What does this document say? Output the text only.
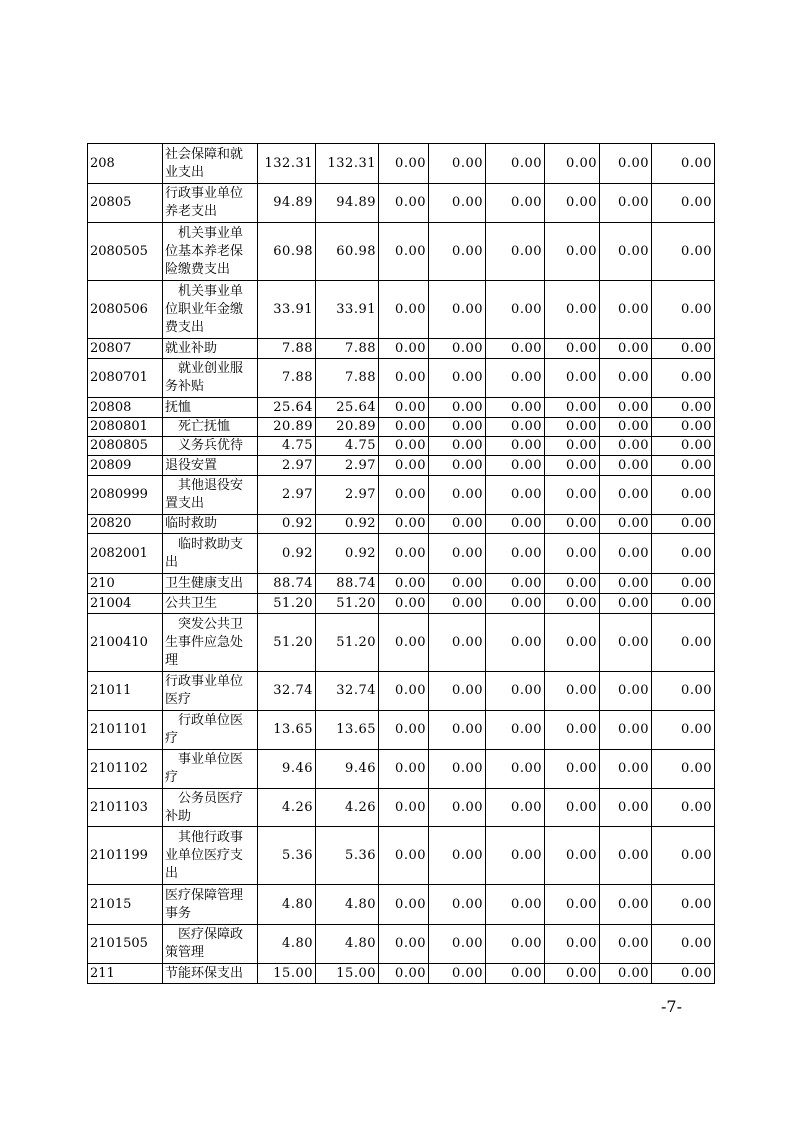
208	社会保障和就业支出	132.31	132.31	0.00	0.00	0.00	0.00	0.00	0.00
20805	行政事业单位养老支出	94.89	94.89	0.00	0.00	0.00	0.00	0.00	0.00
2080505	机关事业单位基本养老保险缴费支出	60.98	60.98	0.00	0.00	0.00	0.00	0.00	0.00
2080506	机关事业单位职业年金缴费支出	33.91	33.91	0.00	0.00	0.00	0.00	0.00	0.00
20807	就业补助	7.88	7.88	0.00	0.00	0.00	0.00	0.00	0.00
2080701	就业创业服务补贴	7.88	7.88	0.00	0.00	0.00	0.00	0.00	0.00
20808	抚恤	25.64	25.64	0.00	0.00	0.00	0.00	0.00	0.00
2080801	死亡抚恤	20.89	20.89	0.00	0.00	0.00	0.00	0.00	0.00
2080805	义务兵优待	4.75	4.75	0.00	0.00	0.00	0.00	0.00	0.00
20809	退役安置	2.97	2.97	0.00	0.00	0.00	0.00	0.00	0.00
2080999	其他退役安置支出	2.97	2.97	0.00	0.00	0.00	0.00	0.00	0.00
20820	临时救助	0.92	0.92	0.00	0.00	0.00	0.00	0.00	0.00
2082001	临时救助支出	0.92	0.92	0.00	0.00	0.00	0.00	0.00	0.00
210	卫生健康支出	88.74	88.74	0.00	0.00	0.00	0.00	0.00	0.00
21004	公共卫生	51.20	51.20	0.00	0.00	0.00	0.00	0.00	0.00
2100410	突发公共卫生事件应急处理	51.20	51.20	0.00	0.00	0.00	0.00	0.00	0.00
21011	行政事业单位医疗	32.74	32.74	0.00	0.00	0.00	0.00	0.00	0.00
2101101	行政单位医疗	13.65	13.65	0.00	0.00	0.00	0.00	0.00	0.00
2101102	事业单位医疗	9.46	9.46	0.00	0.00	0.00	0.00	0.00	0.00
2101103	公务员医疗补助	4.26	4.26	0.00	0.00	0.00	0.00	0.00	0.00
2101199	其他行政事业单位医疗支出	5.36	5.36	0.00	0.00	0.00	0.00	0.00	0.00
21015	医疗保障管理事务	4.80	4.80	0.00	0.00	0.00	0.00	0.00	0.00
2101505	医疗保障政策管理	4.80	4.80	0.00	0.00	0.00	0.00	0.00	0.00
211	节能环保支出	15.00	15.00	0.00	0.00	0.00	0.00	0.00	0.00
-7-
